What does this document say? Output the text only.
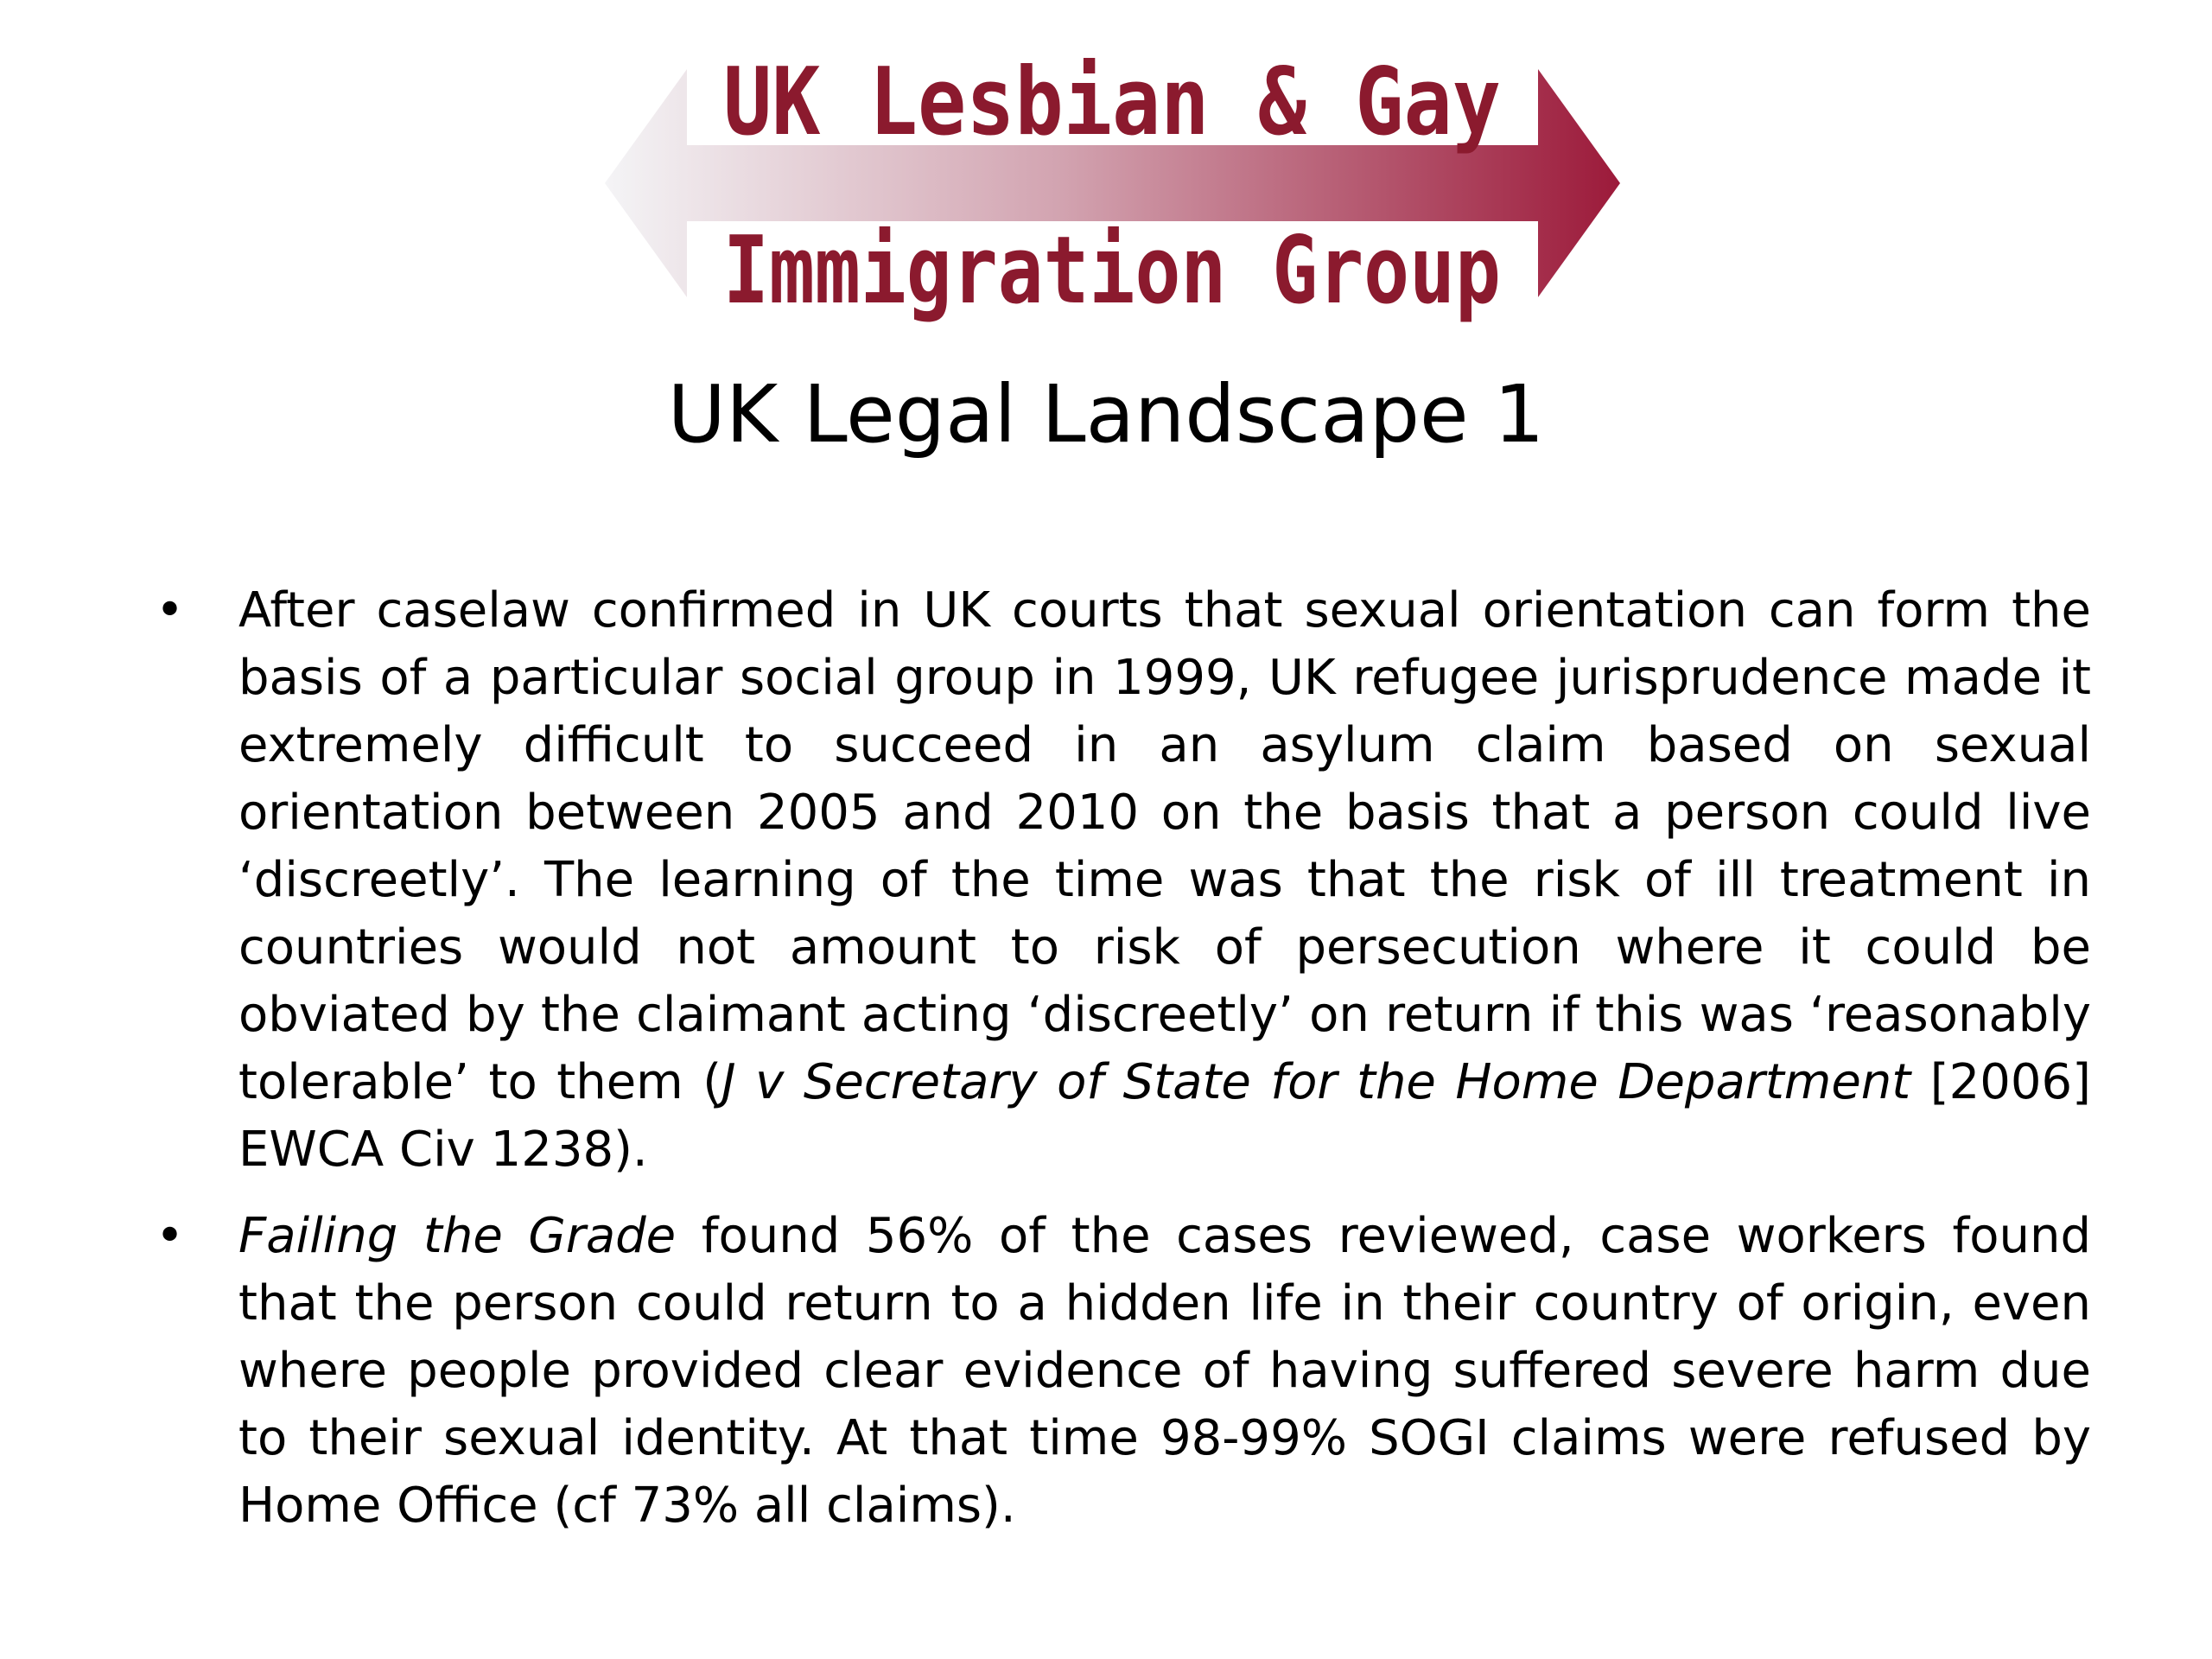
UK Lesbian & Gay
Immigration Group
UK Legal Landscape 1
•	After caselaw confirmed in UK courts that sexual orientation can form the basis of a particular social group in 1999, UK refugee jurisprudence made it extremely difficult to succeed in an asylum claim based on sexual orientation between 2005 and 2010 on the basis that a person could live ‘discreetly’. The learning of the time was that the risk of ill treatment in countries would not amount to risk of persecution where it could be obviated by the claimant acting ‘discreetly’ on return if this was ‘reasonably tolerable’ to them (J v Secretary of State for the Home Department [2006] EWCA Civ 1238).
•	Failing the Grade found 56% of the cases reviewed, case workers found that the person could return to a hidden life in their country of origin, even where people provided clear evidence of having suffered severe harm due to their sexual identity. At that time 98-99% SOGI claims were refused by Home Office (cf 73% all claims).
